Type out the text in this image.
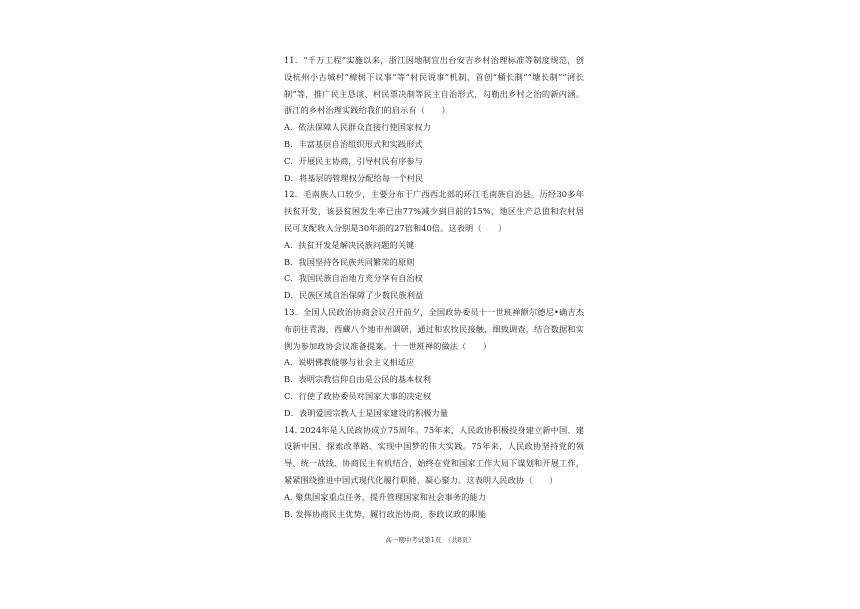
11．“千万工程”实施以来，浙江因地制宜出台安吉乡村治理标准等制度规范，创设杭州小古城村“樟树下议事”等“村民说事”机制，首创“桶长制”“塘长制”“河长制”等，推广民主恳谈、村民票决制等民主自治形式，勾勒出乡村之治的新内涵。浙江的乡村治理实践给我们的启示有（　　）

A．依法保障人民群众直接行使国家权力

B．丰富基层自治组织形式和实践形式

C．开展民主协商，引导村民有序参与

D．将基层的管理权分配给每一个村民

12．毛南族人口较少，主要分布于广西西北部的环江毛南族自治县。历经30多年扶贫开发，该县贫困发生率已由77%减少到目前的15%，地区生产总值和农村居民可支配收入分别是30年前的27倍和40倍。这表明（　　）

A．扶贫开发是解决民族问题的关键

B．我国坚持各民族共同繁荣的原则

C．我国民族自治地方充分享有自治权

D．民族区域自治保障了少数民族利益

13．全国人民政治协商会议召开前夕，全国政协委员十一世班禅额尔德尼•确吉杰布前往青海、西藏八个地市州调研，通过和农牧民接触，细致调查，结合数据和实例为参加政协会议准备提案。十一世班禅的做法（　　）

A．说明佛教能够与社会主义相适应

B．表明宗教信仰自由是公民的基本权利

C．行使了政协委员对国家大事的决定权

D．表明爱国宗教人士是国家建设的积极力量

14. 2024年是人民政协成立75周年。75年来，人民政协积极投身建立新中国、建设新中国、探索改革路、实现中国梦的伟大实践。75年来，人民政协坚持党的领导、统一战线、协商民主有机结合，始终在党和国家工作大局下谋划和开展工作，紧紧围绕推进中国式现代化履行职能、凝心聚力。这表明人民政协（　　）

A. 聚焦国家重点任务，提升管理国家和社会事务的能力

B. 发挥协商民主优势，履行政治协商、参政议政的职能

高一期中考试第1页　（共8页）
